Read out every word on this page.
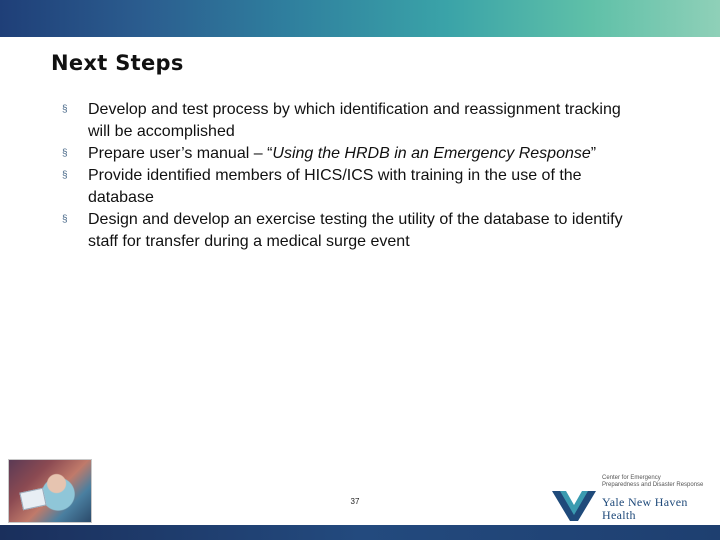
Next Steps
§ Develop and test process by which identification and reassignment tracking will be accomplished
§ Prepare user’s manual – “Using the HRDB in an Emergency Response”
§ Provide identified members of HICS/ICS with training in the use of the database
§ Design and develop an exercise testing the utility of the database to identify staff for transfer during a medical surge event
37
Center for Emergency
Preparedness and Disaster Response
Yale New Haven
Health
